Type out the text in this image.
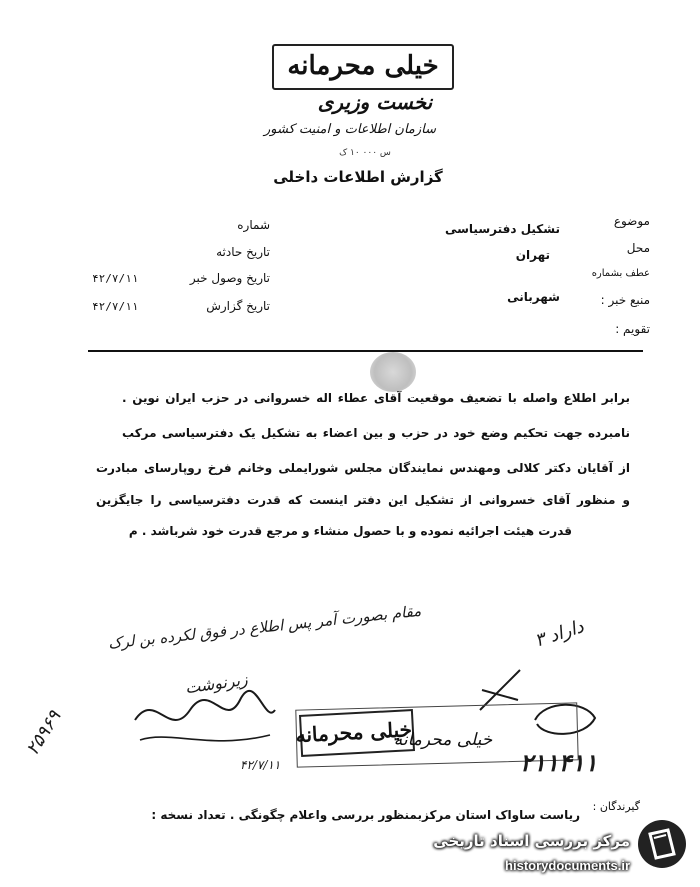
خیلی محرمانه
نخست وزیری
سازمان اطلاعات و امنیت کشور
س ۰۰۰ ۱۰ ک
گزارش اطلاعات داخلی
موضوع
تشکیل دفترسیاسی
محل
تهران
عطف بشماره
منبع خبر :
شهربانی
تقویم :
شماره
تاریخ حادثه
تاریخ وصول خبر
۴۲/۷/۱۱
تاریخ گزارش
۴۲/۷/۱۱
برابر اطلاع واصله با تضعیف موقعیت آقای عطاء اله خسروانی در حزب ایران نوین .
نامبرده جهت تحکیم وضع خود در حزب و بین اعضاء به تشکیل یک دفترسیاسی مرکب
از آقایان دکتر کلالی ومهندس نمایندگان مجلس شورایملی وخانم فرخ روپارسای مبادرت
و منظور آقای خسروانی از تشکیل این دفتر اینست که قدرت دفترسیاسی را جایگزین
قدرت هیئت اجرائیه نموده و با حصول منشاء و مرجع قدرت خود شرباشد . م
مقام بصورت آمر پس اطلاع در فوق لکرده بن لرک	داراد ۳
زیرنوشت
۴۲/۷/۱۱
خیلی محرمانه
خیلی محرمانه
۲۱۱۴۱۱
۲۵۹۶۹
گیرندگان :
ریاست ساواک استان مرکزبمنظور بررسی واعلام چگونگی . تعداد نسخه :
مرکز بررسی اسناد تاریخی
historydocuments.ir
